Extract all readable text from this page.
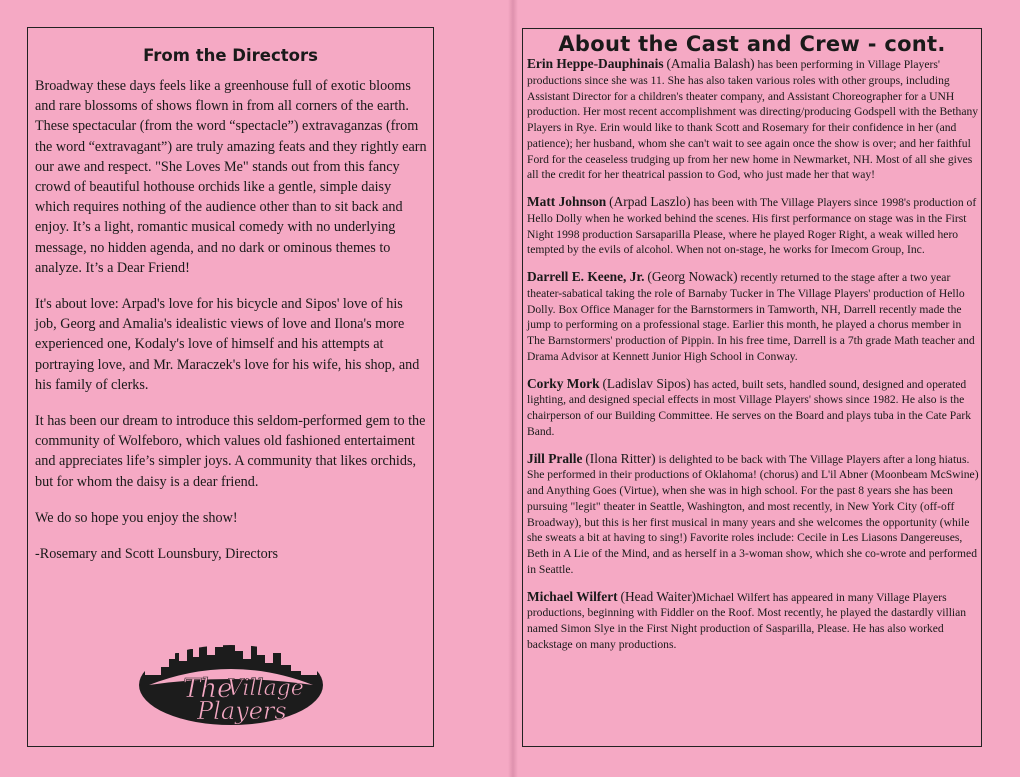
From the Directors

Broadway these days feels like a greenhouse full of exotic blooms and rare blossoms of shows flown in from all corners of the earth. These spectacular (from the word “spectacle”) extravaganzas (from the word “extravagant”) are truly amazing feats and they rightly earn our awe and respect. "She Loves Me" stands out from this fancy crowd of beautiful hothouse orchids like a gentle, simple daisy which requires nothing of the audience other than to sit back and enjoy. It’s a light, romantic musical comedy with no underlying message, no hidden agenda, and no dark or ominous themes to analyze. It’s a Dear Friend!

It's about love: Arpad's love for his bicycle and Sipos' love of his job, Georg and Amalia's idealistic views of love and Ilona's more experienced one, Kodaly's love of himself and his attempts at portraying love, and Mr. Maraczek's love for his wife, his shop, and his family of clerks.

It has been our dream to introduce this seldom-performed gem to the community of Wolfeboro, which values old fashioned entertaiment and appreciates life’s simpler joys. A community that likes orchids, but for whom the daisy is a dear friend.

We do so hope you enjoy the show!

-Rosemary and Scott Lounsbury, Directors

The
Village
Players
About the Cast and Crew - cont.

Erin Heppe-Dauphinais (Amalia Balash) has been performing in Village Players' productions since she was 11. She has also taken various roles with other groups, including Assistant Director for a children's theater company, and Assistant Choreographer for a UNH production. Her most recent accomplishment was directing/producing Godspell with the Bethany Players in Rye. Erin would like to thank Scott and Rosemary for their confidence in her (and patience); her husband, whom she can't wait to see again once the show is over; and her faithful Ford for the ceaseless trudging up from her new home in Newmarket, NH. Most of all she gives all the credit for her theatrical passion to God, who just made her that way!

Matt Johnson (Arpad Laszlo) has been with The Village Players since 1998's production of Hello Dolly when he worked behind the scenes. His first performance on stage was in the First Night 1998 production Sarsaparilla Please, where he played Roger Right, a weak willed hero tempted by the evils of alcohol. When not on-stage, he works for Imecom Group, Inc.

Darrell E. Keene, Jr. (Georg Nowack) recently returned to the stage after a two year theater-sabatical taking the role of Barnaby Tucker in The Village Players' production of Hello Dolly. Box Office Manager for the Barnstormers in Tamworth, NH, Darrell recently made the jump to performing on a professional stage. Earlier this month, he played a chorus member in The Barnstormers' production of Pippin. In his free time, Darrell is a 7th grade Math teacher and Drama Advisor at Kennett Junior High School in Conway.

Corky Mork (Ladislav Sipos) has acted, built sets, handled sound, designed and operated lighting, and designed special effects in most Village Players' shows since 1982. He also is the chairperson of our Building Committee. He serves on the Board and plays tuba in the Cate Park Band.

Jill Pralle (Ilona Ritter) is delighted to be back with The Village Players after a long hiatus. She performed in their productions of Oklahoma! (chorus) and L'il Abner (Moonbeam McSwine) and Anything Goes (Virtue), when she was in high school. For the past 8 years she has been pursuing "legit" theater in Seattle, Washington, and most recently, in New York City (off-off Broadway), but this is her first musical in many years and she welcomes the opportunity (while she sweats a bit at having to sing!) Favorite roles include: Cecile in Les Liasons Dangereuses, Beth in A Lie of the Mind, and as herself in a 3-woman show, which she co-wrote and performed in Seattle.

Michael Wilfert (Head Waiter)Michael Wilfert has appeared in many Village Players productions, beginning with Fiddler on the Roof. Most recently, he played the dastardly villian named Simon Slye in the First Night production of Sasparilla, Please. He has also worked backstage on many productions.
